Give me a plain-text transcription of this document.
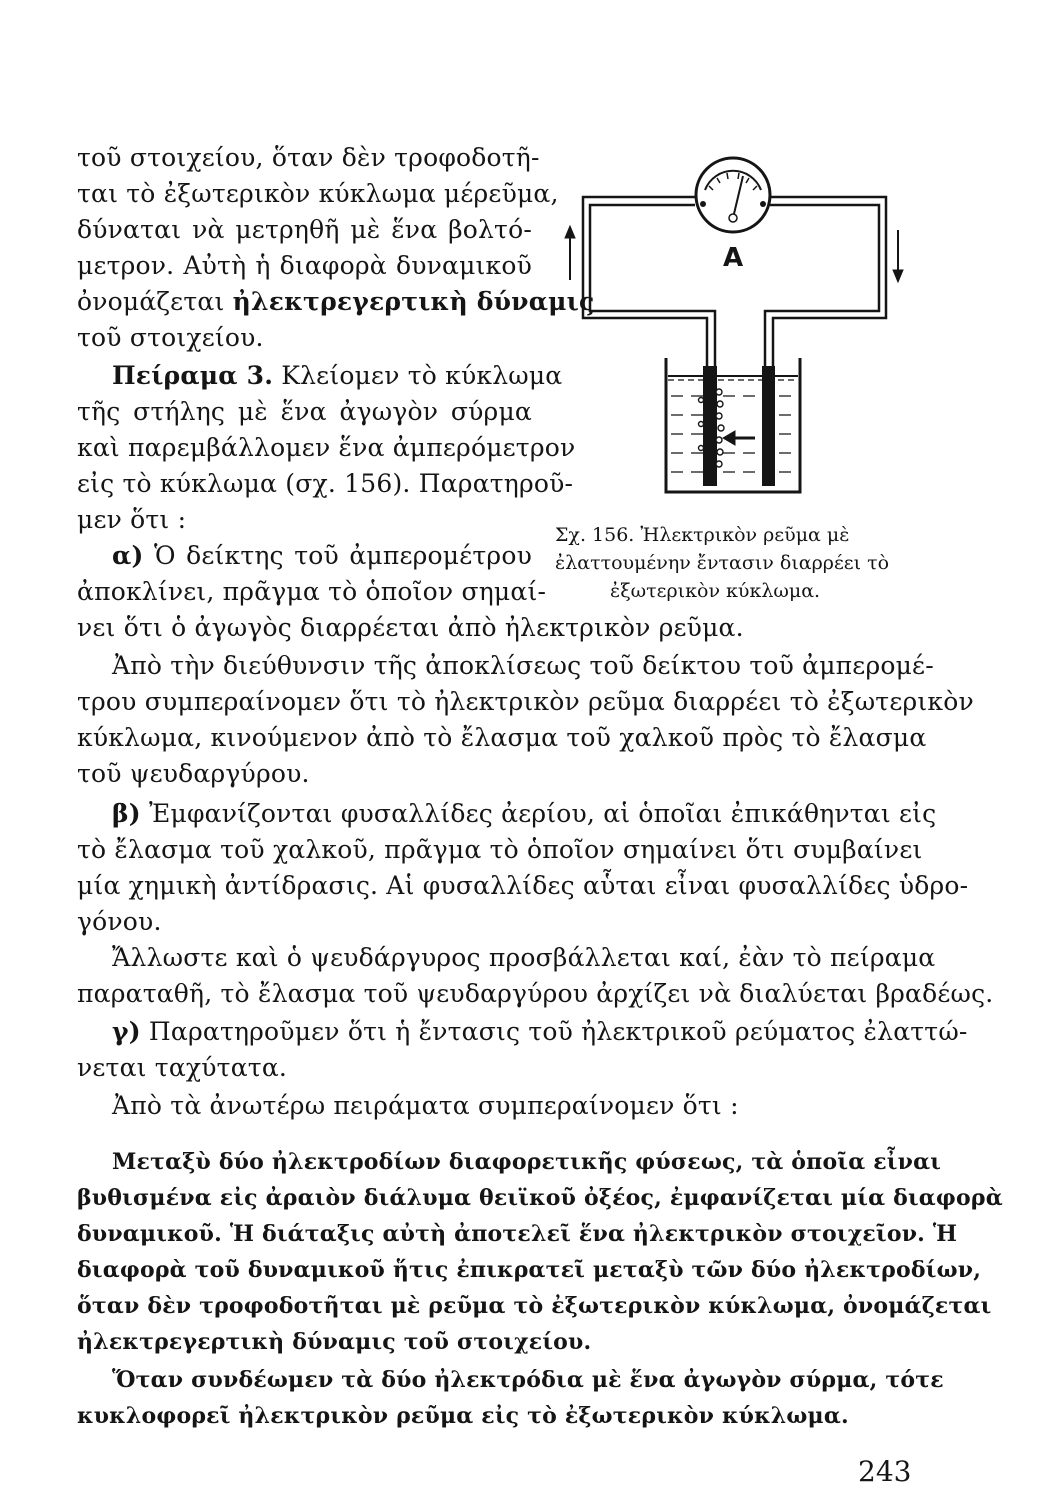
τοῦ στοιχείου, ὅταν δὲν τροφοδοτῆ-
ται τὸ ἐξωτερικὸν κύκλωμα μέρεῦμα,
δύναται νὰ μετρηθῆ μὲ ἕνα βολτό-
μετρον. Αὐτὴ ἡ διαφορὰ δυναμικοῦ
ὀνομάζεται ἠλεκτρεγερτικὴ δύναμις
τοῦ στοιχείου.
Πείραμα 3. Κλείομεν τὸ κύκλωμα
τῆς στήλης μὲ ἕνα ἀγωγὸν σύρμα
καὶ παρεμβάλλομεν ἕνα ἀμπερόμετρον
εἰς τὸ κύκλωμα (σχ. 156). Παρατηροῦ-
μεν ὅτι :
α) Ὁ δείκτης τοῦ ἀμπερομέτρου
ἀποκλίνει, πρᾶγμα τὸ ὁποῖον σημαί-
νει ὅτι ὁ ἀγωγὸς διαρρέεται ἀπὸ ἠλεκτρικὸν ρεῦμα.
Ἀπὸ τὴν διεύθυνσιν τῆς ἀποκλίσεως τοῦ δείκτου τοῦ ἀμπερομέ-
τρου συμπεραίνομεν ὅτι τὸ ἠλεκτρικὸν ρεῦμα διαρρέει τὸ ἐξωτερικὸν
κύκλωμα, κινούμενον ἀπὸ τὸ ἔλασμα τοῦ χαλκοῦ πρὸς τὸ ἔλασμα
τοῦ ψευδαργύρου.
β) Ἐμφανίζονται φυσαλλίδες ἀερίου, αἱ ὁποῖαι ἐπικάθηνται εἰς
τὸ ἔλασμα τοῦ χαλκοῦ, πρᾶγμα τὸ ὁποῖον σημαίνει ὅτι συμβαίνει
μία χημικὴ ἀντίδρασις. Αἱ φυσαλλίδες αὗται εἶναι φυσαλλίδες ὑδρο-
γόνου.
Ἄλλωστε καὶ ὁ ψευδάργυρος προσβάλλεται καί, ἐὰν τὸ πείραμα
παραταθῆ, τὸ ἔλασμα τοῦ ψευδαργύρου ἀρχίζει νὰ διαλύεται βραδέως.
γ) Παρατηροῦμεν ὅτι ἡ ἔντασις τοῦ ἠλεκτρικοῦ ρεύματος ἐλαττώ-
νεται ταχύτατα.
Ἀπὸ τὰ ἀνωτέρω πειράματα συμπεραίνομεν ὅτι :
Μεταξὺ δύο ἠλεκτροδίων διαφορετικῆς φύσεως, τὰ ὁποῖα εἶναι
βυθισμένα εἰς ἀραιὸν διάλυμα θειϊκοῦ ὀξέος, ἐμφανίζεται μία διαφορὰ
δυναμικοῦ. Ἡ διάταξις αὐτὴ ἀποτελεῖ ἕνα ἠλεκτρικὸν στοιχεῖον. Ἡ
διαφορὰ τοῦ δυναμικοῦ ἥτις ἐπικρατεῖ μεταξὺ τῶν δύο ἠλεκτροδίων,
ὅταν δὲν τροφοδοτῆται μὲ ρεῦμα τὸ ἐξωτερικὸν κύκλωμα, ὀνομάζεται
ἠλεκτρεγερτικὴ δύναμις τοῦ στοιχείου.
Ὅταν συνδέωμεν τὰ δύο ἠλεκτρόδια μὲ ἕνα ἀγωγὸν σύρμα, τότε
κυκλοφορεῖ ἠλεκτρικὸν ρεῦμα εἰς τὸ ἐξωτερικὸν κύκλωμα.
A
Σχ. 156. Ἠλεκτρικὸν ρεῦμα μὲ
ἐλαττουμένην ἔντασιν διαρρέει τὸ
ἐξωτερικὸν κύκλωμα.
243
